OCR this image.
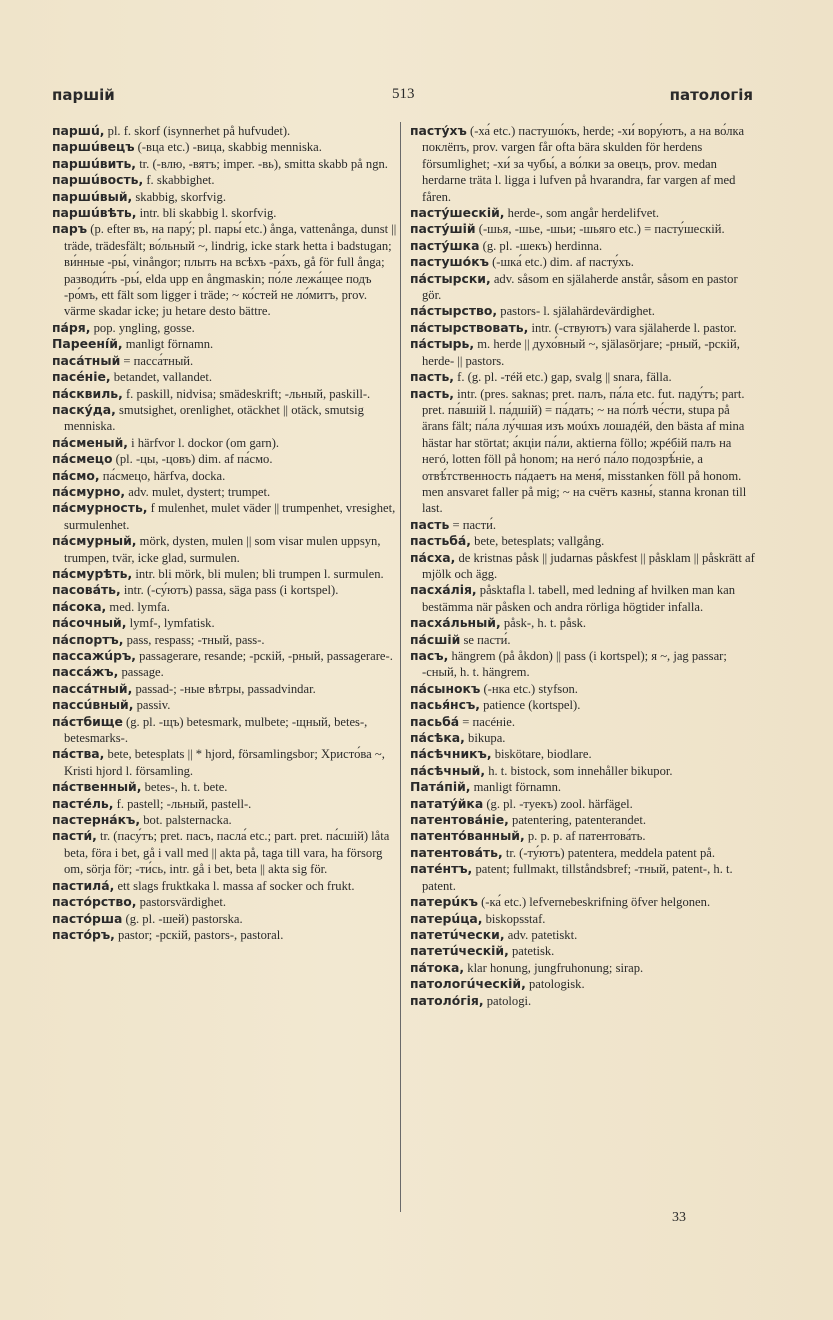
паршій	513	патологія

паршú, pl. f. skorf (isynnerhet på hufvudet).

паршúвецъ (-вца etc.) -вица, skabbig menniska.

паршúвить, tr. (-влю, -вятъ; imper. -вь), smitta skabb på ngn.

паршúвость, f. skabbighet.

паршúвый, skabbig, skorfvig.

паршúвѣть, intr. bli skabbig l. skorfvig.

паръ (p. efter въ, на пару́; pl. пары́ etc.) ånga, vattenånga, dunst || träde, trädesfält; во́льный ~, lindrig, icke stark hetta i badstugan; ви́нные -ры́, vinångor; плыть на всѣхъ -ра́хъ, gå för full ånga; разводи́ть -ры́, elda upp en ångmaskin; по́ле лежа́щее подъ -ро́мъ, ett fält som ligger i träde; ~ ко́стей не ло́митъ, prov. värme skadar icke; ju hetare desto bättre.

па́ря, pop. yngling, gosse.

Пареенíй, manligt förnamn.

паса́тный = пасса́тный.

пасéніе, betandet, vallandet.

па́сквиль, f. paskill, nidvisa; smädeskrift; -льный, paskill-.

паску́да, smutsighet, orenlighet, otäckhet || otäck, smutsig menniska.

па́смeный, i härfvor l. dockor (om garn).

па́смецо (pl. -цы, -цовъ) dim. af па́смо.

па́смо, па́смецо, härfva, docka.

па́смурно, adv. mulet, dystert; trumpet.

па́смурность, f mulenhet, mulet väder || trumpenhet, vresighet, surmulenhet.

па́смурный, mörk, dysten, mulen || som visar mulen uppsyn, trumpen, tvär, icke glad, surmulen.

па́смурѣть, intr. bli mörk, bli mulen; bli trumpen l. surmulen.

пасова́ть, intr. (-су́ютъ) passa, säga pass (i kortspel).

па́сока, med. lymfa.

па́сочный, lymf-, lymfatisk.

па́спортъ, pass, respass; -тный, pass-.

пассажúръ, passagerare, resande; -рскій, -рный, passagerare-.

пасса́жъ, passage.

пасса́тный, passad-; -ные вѣтры, passadvindar.

пассúвный, passiv.

па́стбище (g. pl. -щъ) betesmark, mulbete; -щный, betes-, betesmarks-.

па́ства, bete, betesplats || * hjord, församlingsbor; Христо́ва ~, Kristi hjord l. församling.

па́ственный, betes-, h. t. bete.

пасте́ль, f. pastell; -льный, pastell-.

пастерна́къ, bot. palsternacka.

пасти́, tr. (пасу́тъ; pret. пасъ, пасла́ etc.; part. pret. па́сшій) låta beta, föra i bet, gå i vall med || akta på, taga till vara, ha försorg om, sörja för; -ти́сь, intr. gå i bet, beta || akta sig för.

пастила́, ett slags fruktkaka l. massa af socker och frukt.

пасто́рство, pastorsvärdighet.

пасто́рша (g. pl. -шей) pastorska.

пасто́ръ, pastor; -рскій, pastors-, pastoral.

пасту́хъ (-ха́ etc.) пастушо́къ, herde; -хи́ вору́ютъ, а на во́лка поклёпъ, prov. vargen får ofta bära skulden för herdens försumlighet; -хи́ за чубы́, а во́лки за овецъ, prov. medan herdarne träta l. ligga i lufven på hvarandra, far vargen af med fåren.

пасту́шескій, herde-, som angår herdelifvet.

пасту́шій (-шья, -шье, -шьи; -шьяго etc.) = пасту́шескій.

пасту́шка (g. pl. -шекъ) herdinna.

пастушо́къ (-шка́ etc.) dim. af пасту́хъ.

па́стырски, adv. såsom en själaherde anstår, såsom en pastor gör.

па́стырство, pastors- l. själahärdevärdighet.

па́стырствовать, intr. (-ствуютъ) vara själaherde l. pastor.

па́стырь, m. herde || духо́вный ~, själasörjare; -рный, -рскій, herde- || pastors.

пасть, f. (g. pl. -тéй etc.) gap, svalg || snara, fälla.

пасть, intr. (pres. saknas; pret. палъ, па́ла etc. fut. паду́тъ; part. pret. па́вшій l. па́дшій) = па́дать; ~ на по́лѣ че́сти, stupa på ärans fält; па́ла лу́чшая изъ моúхъ лошадéй, den bästa af mina hästar har störtat; а́кціи па́ли, aktierna föllo; жрéбій палъ на негó, lotten föll på honom; на негó па́ло подозрѣ́ніе, а отвѣ́тственность па́даетъ на меня́, misstanken föll på honom. men ansvaret faller på mig; ~ на счётъ казны́, stanna kronan till last.

пасть = пасти́.

пастьба́, bete, betesplats; vallgång.

па́сха, de kristnas påsk || judarnas påskfest || påsklam || påskrätt af mjölk och ägg.

пасха́лія, påsktafla l. tabell, med ledning af hvilken man kan bestämma när påsken och andra rörliga högtider infalla.

пасха́льный, påsk-, h. t. påsk.

па́сшій se пасти́.

пасъ, hängrem (på åkdon) || pass (i kortspel); я ~, jag passar; -сный, h. t. hängrem.

па́сынокъ (-нка etc.) styfson.

пасья́нсъ, patience (kortspel).

пасьба́ = пасéніе.

па́сѣка, bikupa.

па́сѣчникъ, biskötare, biodlare.

па́сѣчный, h. t. bistock, som innehåller bikupor.

Пата́пій, manligt förnamn.

патату́йка (g. pl. -туекъ) zool. härfägel.

патентова́ніе, patentering, patenterandet.

патенто́ванный, p. p. p. af патентова́ть.

патентова́ть, tr. (-ту́ютъ) patentera, meddela patent på.

пате́нтъ, patent; fullmakt, tillståndsbref; -тный, patent-, h. t. patent.

патерúкъ (-ка́ etc.) lefvernebeskrifning öfver helgonen.

патерúца, biskopsstaf.

патетúчески, adv. patetiskt.

патетúческій, patetisk.

па́тока, klar honung, jungfruhonung; sirap.

патологúческій, patologisk.

патоло́гія, patologi.

33
